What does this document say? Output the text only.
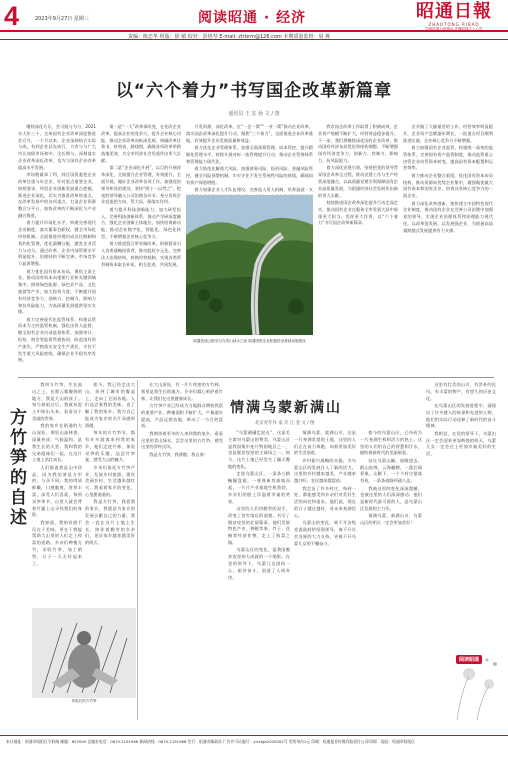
4	2023年9月27日 星期三	阅读昭通 · 经济	昭通日報
ZHAOTONG RIBAO
阳破昭通日报精品 弄懂昭通天上心声
责编：陈忠华 组版：徐 敏 校对：彭艳琴 E-mail: ztrbrm@126.com 本期质量监督：周 燕
以“六个着力”书写国企改革新篇章
通讯员 王 宏 孙 文 / 图

继续深化巧乐，会习组与为与，2021年大年三十，全州国有企业改革深度推进会召开，一个月以来，企业深刻结合实际与成，有到企业以先执行，力市与与广大市认加情市场和中。全长期与，深刻落实企业改革深化改革，也为与国有企业改革提高水平发展。

市场数量事了利，到目国资委把企业改革注重与年企业，针对重点重要企业，按照要求，经贸企业创新发展重点把握，推进企业深化，切实为推进改革的重点，在改革发展中的各项重点，打造企业资源整合与平台，加快改革的不断深化与产业融合推进。

着力提升市场化水平，构建完善现代企业制度，落实董事会职权，健全市场化经营机制，全面推进经理层成员任期制和契约化管理，优化薪酬分配，激发企业活力与动力。通过改革，企业内部管理水平明显提升，治理结构不断完善，市场竞争力显著增强。

着力优化国有资本布局，聚焦主责主业，推动国有资本向重要行业和关键领域集中，围绕绿色能源、绿色农产品、文化旅游等产业，加大投资力度，不断提升国有经济竞争力、创新力、控制力、影响力和抗风险能力，为高质量发展提供坚实支撑。

着力完善现代化监管体系，构建以管资本为主的监管机制，强化出资人监督，健全国有企业内部监督体系，加强审计、纪检、财会等监督贯通协同，防范国有资产流失。严格落实安全生产责任，守住不发生重大风险底线，确保企业平稳有序发展。

第一是“一大”改革事改变，在化改企业改革，提高企业的竞争力，提升企业核心功能，推动企业改革向纵深发展，明确改革任务书、时间表、路线图，确保各项改革举措落地见效，为全市经济社会发展作出更大贡献。

第二是“企业深化开展”，以目的开展改革深化，全面提升企业管理，有效提升，全面开展，做好企业改革各项工作。加强党的领导和党的建设，坚持“两个一以贯之”，把党的领导融入公司治理各环节，充分发挥企业党委把方向、管大局、保落实作用。

着力提升科技创新能力，加大研发投入，完善科技创新体系，推动产学研深度融合，强化企业创新主体地位，加快培育新动能，推动企业数字化、智能化、绿色化转型，不断增强企业核心竞争力。

着力推进混合所有制改革，积极稳妥引入各类战略投资者，推动股权多元化，完善法人治理结构，转换经营机制，实现各类所有制资本取长补短、相互促进、共同发展。

开发资源，深化改革，在“一企一策”“一业一策”推动企业改革，落实国企改革深化提升行动，聚焦“三个着力”，全面推进企业改革落地，有效提升企业发展质量和效益。

着力优化企业管理体系，加强全面预算管理、成本管控，提升精细化管理水平，持续开展对标一流管理提升行动，推动企业管理体系和管理能力现代化。

着力防范化解重大风险，加强债务风险、投资风险、金融风险管控，健全风险预警机制，牢牢守住不发生系统性风险的底线，确保国有资产保值增值。

着力加强企业人才队伍建设，完善选人用人机制，培养造就一支

我市国企改革工作取得了积极成效，企业资产规模不断扩大，经营效益稳步提升。下一步，我们将继续深化国有企业改革，推动国有经济布局优化和结构调整，不断增强国有经济竞争力、创新力、控制力、影响力、抗风险能力。

着力深化党建引领，坚持把党的领导贯穿国企改革全过程，推动党建工作与生产经营深度融合，以高质量党建引领保障国有企业高质量发展，为昭通经济社会发展作出新的更大贡献。

持续推进国企改革深化提升行动走深走实，推动国有企业在服务全市发展大局中展现更大担当、发挥更大作用，以“六个着力”书写国企改革新篇章。

企业做了大量艰苦的工作，经营效率明显提升，企业资产总额逐年增长，一批重点项目顺利推进实施，企业核心竞争力不断增强。

着力加强国有企业监管，构建统一高效的监管体系，完善国有资产监管制度，推动监管重心由管企业向管资本转变，提高国有资本配置和运营效率。

着力推动企业整合重组，优化国有资本布局结构，推动资源向优势企业集中，做强做优做大国有资本和国有企业，培育具有核心竞争力的一流企业。

着力深化改革创新，加快建立中国特色现代企业制度，推动国有企业在完善公司治理中加强党的领导，实现企业治理体系和治理能力现代化。以改革促发展，以发展强企业，为昭通高质量跨越式发展提供有力支撑。

昭通高速公路穿行在青山绿水之间 昭通国资企业积极投身基础设施建设
方竹笋的自述

我叫方竹笋，生在高山之上，在那云雾缭绕的地方，我是大山的孩子。每当春雨过后，我就从泥土中探出头来，看看这个美丽的世界。

我的家乡在昭通的大山深处，那里山高林密，雨量充沛，气候温和，是我生长的天堂。我和我的兄弟姐妹们一起，在这片土地上茁壮成长。

人们都说我是山中珍品，因为我的茎是方形的，与众不同。我的肉质鲜嫩，口感脆爽，营养丰富，深受人们喜爱。每到采笋季节，山里人就会背着竹篓上山寻找我们的身影。

我知道，我的价值不仅在于美味，更在于我能帮助大山里的人们走上致富的道路。乡亲们种植方竹，采收竹笋，加工销售，日子一天天好起来了。

如今，我已经走出大山，来到了城市的餐桌上，走向了全国各地。人们品尝着我的美味，也了解了我的家乡。我为自己能成为家乡的名片而感到骄傲。

每年的方竹笋节，都有许多游客来到我的家乡，他们走进竹林，体验采笋的乐趣，品尝竹笋宴，感受大山的魅力。

乡亲们依托方竹笋产业，发展乡村旅游，建设美丽乡村，生活越来越红火。我看着家乡的变化，心里甜滋滋的。

我是方竹笋，我爱我的家乡，我愿意为家乡的发展贡献自己的力量。我会一直在这片土地上生长，陪伴着勤劳的乡亲们，见证家乡越来越美好的明天。

在大山深处，有一片片茂密的方竹林，那里是我生长的地方。乡亲们精心呵护着竹林，让我们在这里健康成长。

方竹笋产业已经成为当地群众增收致富的重要产业，种植面积不断扩大，产量逐年提高，产品远销各地，带动了一方百姓富裕。

我期待着更多的人来到我的家乡，看看这里的青山绿水，尝尝这里的方竹笋，感受这里的淳朴民风。

我是方竹笋，我骄傲，我自豪！

采收后的方竹笋
情满乌蒙新满山
北京青年作 家 许 江 金 文 / 图

“乌蒙磅礴走泥丸”，这是毛主席对乌蒙山的赞美。乌蒙山区是我国集中连片特困地区之一，也是脱贫攻坚的主战场之一。如今，这片土地已经发生了翻天覆地的变化。

走进乌蒙山区，一条条公路蜿蜒盘旋，一座座新房拔地而起，一片片产业基地生机勃勃，乡亲们的脸上洋溢着幸福的笑容。

这里的人们用勤劳的双手，改变了贫穷落后的面貌，书写了脱贫攻坚的壮丽篇章。他们发展特色产业，种植苹果、竹子、花椒等经济作物，走上了致富之路。

乌蒙山区的变化，是我国脱贫攻坚伟大成就的一个缩影。在党的领导下，乌蒙儿女团结一心，艰苦奋斗，创造了人间奇迹。

情满乌蒙，爱满山川。这是一片充满希望的土地，这里的人们正在奋力奔跑，向着更加美好的生活前进。

乡村振兴战略的实施，为乌蒙山区的发展注入了新的活力。这里的乡村越来越美，产业越来越兴旺，农民越来越富裕。

我走访了许多村庄，每到一处，都能感受到乡亲们对美好生活的向往和追求。他们说，现在的日子越过越好，对未来充满信心。

乌蒙山的变化，离不开各级党委政府的坚强领导，离不开社会各界的大力支持，更离不开乌蒙儿女的不懈奋斗。

如今的乌蒙山区，已经成为一片充满生机和活力的热土。这里的人们用自己的智慧和汗水，描绘着新时代的美丽画卷。

站在乌蒙山巅，放眼望去，群山连绵，云海翻腾，一派壮丽景象。山脚下，一个个村庄错落有致，一条条道路四通八达。

我被这里的变化深深震撼，也被这里的人们深深感动。他们是新时代最可爱的人，是乌蒙山区发展的主力军。

情满乌蒙，新满山川，乌蒙山区的明天一定会更加美好！

这里有壮美的山川，有淳朴的民风，有丰富的物产，有悠久的历史文化。

在乌蒙山区的发展进程中，涌现出了许多感人的故事和先进的人物，他们用实际行动诠释了新时代的奋斗精神。

我相信，在党的领导下，乌蒙山区一定会迎来更加辉煌的明天，乌蒙儿女一定会过上更加幸福美好的生活。

阅读昭通
本社地址：昭通市昭阳区学府路 邮编：657000 总编室电话：0870-2191968 新闻热线：0870-2191968 发行：昭通市邮政局 广告许可证编号：ylczfgb2020002号 零售每份1元 印刷：昭通报业传媒有限责任公司印刷厂 地址：昭通市昭阳区
